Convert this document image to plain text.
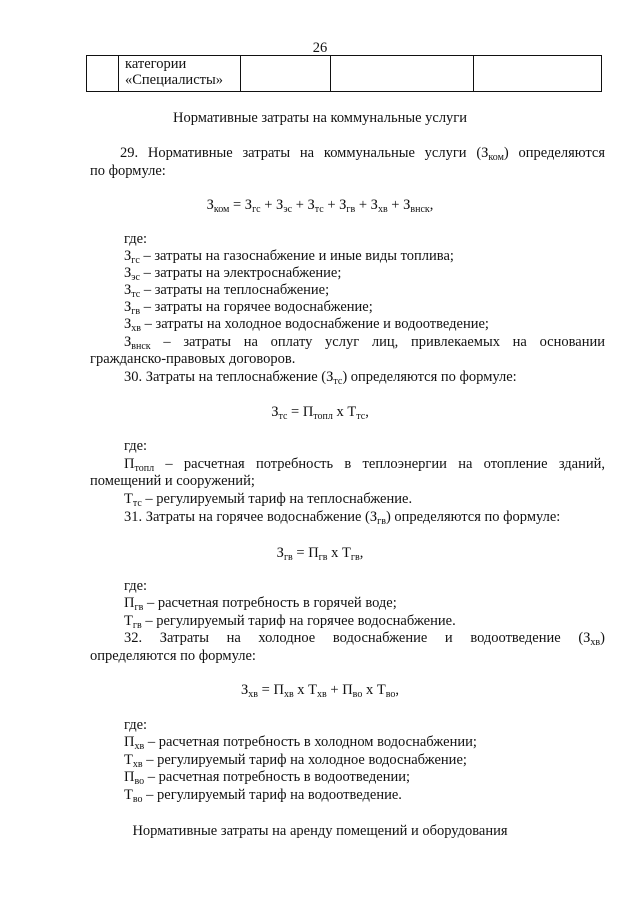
26
	категории
«Специалисты»			
Нормативные затраты на коммунальные услуги
29. Нормативные затраты на коммунальные услуги $(З_{ком})$ определяются
по формуле:
$З_{ком} = З_{гс} + З_{эс} + З_{тс} + З_{гв} + З_{хв} + З_{внск}$,
где:
$З_{гс}$ – затраты на газоснабжение и иные виды топлива;
$З_{эс}$ – затраты на электроснабжение;
$З_{тс}$ – затраты на теплоснабжение;
$З_{гв}$ – затраты на горячее водоснабжение;
$З_{хв}$ – затраты на холодное водоснабжение и водоотведение;
$З_{внск}$ – затраты на оплату услуг лиц, привлекаемых на основании
гражданско-правовых договоров.
30. Затраты на теплоснабжение $(З_{тс})$ определяются по формуле:
$З_{тс} = П_{топл}$ х $Т_{тс}$,
где:
$П_{топл}$ – расчетная потребность в теплоэнергии на отопление зданий,
помещений и сооружений;
$Т_{тс}$ – регулируемый тариф на теплоснабжение.
31. Затраты на горячее водоснабжение $(З_{гв})$ определяются по формуле:
$З_{гв} = П_{гв}$ х $Т_{гв}$,
где:
$П_{гв}$ – расчетная потребность в горячей воде;
$Т_{гв}$ – регулируемый тариф на горячее водоснабжение.
32. Затраты на холодное водоснабжение и водоотведение $(З_{хв})$
определяются по формуле:
$З_{хв} = П_{хв}$ х $Т_{хв} + П_{во}$ х $Т_{во}$,
где:
$П_{хв}$ – расчетная потребность в холодном водоснабжении;
$Т_{хв}$ – регулируемый тариф на холодное водоснабжение;
$П_{во}$ – расчетная потребность в водоотведении;
$Т_{во}$ – регулируемый тариф на водоотведение.
Нормативные затраты на аренду помещений и оборудования
